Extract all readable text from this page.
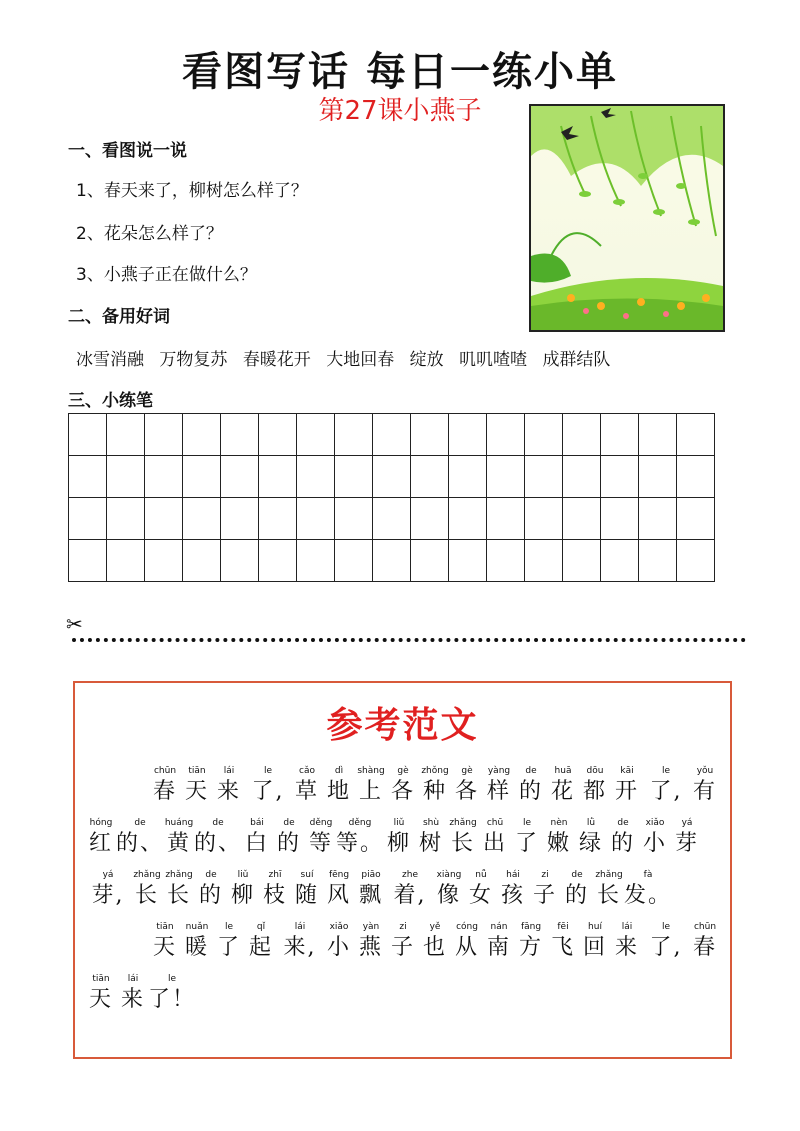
看图写话 每日一练小单
第27课小燕子
一、看图说一说
1、春天来了，柳树怎么样了？
2、花朵怎么样了？
3、小燕子正在做什么？
二、备用好词
冰雪消融 万物复苏 春暖花开 大地回春 绽放 叽叽喳喳 成群结队
三、小练笔

✂
参考范文

chūn
春
tiān
天
lái
来
le
了,
cǎo
草
dì
地
shàng
上
gè
各
zhǒng
种
gè
各
yàng
样
de
的
huā
花
dōu
都
kāi
开
le
了,
yǒu
有
hóng
红
de
的、
huáng
黄
de
的、
bái
白
de
的
děng
等
děng
等。
liǔ
柳
shù
树
zhǎng
长
chū
出
le
了
nèn
嫩
lǜ
绿
de
的
xiǎo
小
yá
芽
yá
芽,
zhǎng
长
zhǎng
长
de
的
liǔ
柳
zhī
枝
suí
随
fēng
风
piāo
飘
zhe
着,
xiàng
像
nǚ
女
hái
孩
zi
子
de
的
zhǎng
长
fà
发。

tiān
天
nuǎn
暖
le
了
qǐ
起
lái
来,
xiǎo
小
yàn
燕
zi
子
yě
也
cóng
从
nán
南
fāng
方
fēi
飞
huí
回
lái
来
le
了,
chūn
春
tiān
天
lái
来
le
了！
